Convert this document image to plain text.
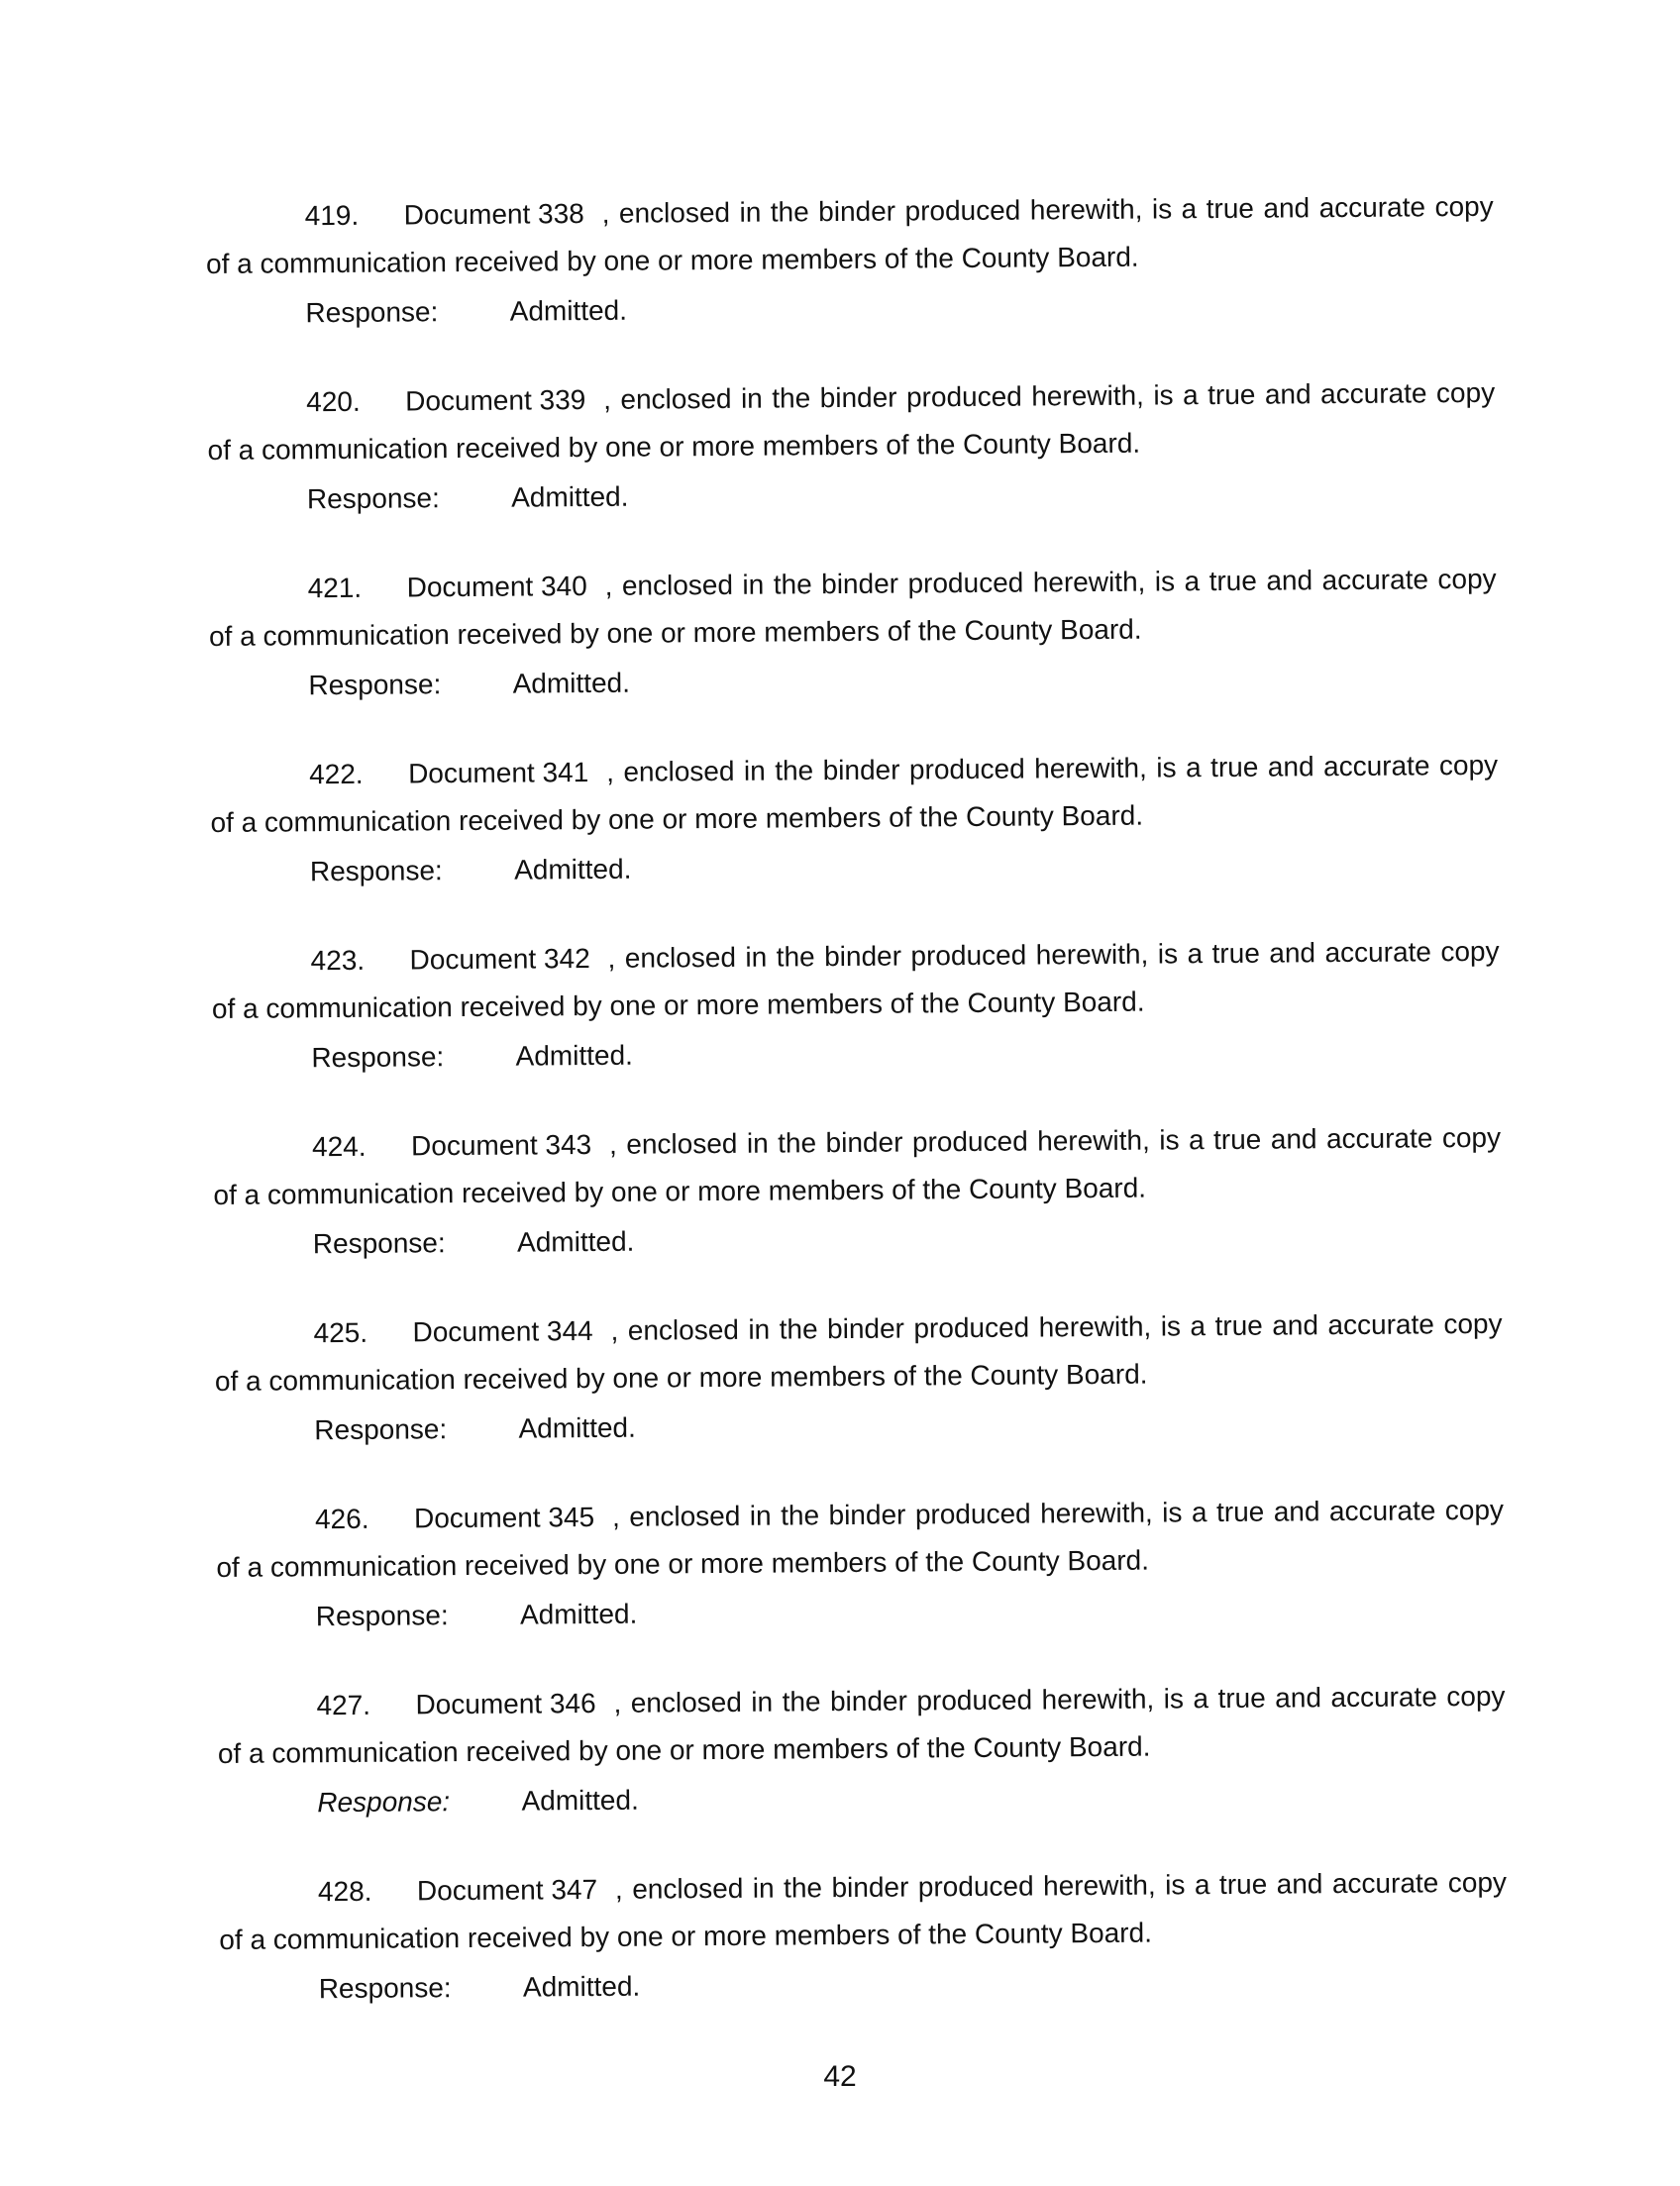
419.	Document 338 , enclosed in the binder produced herewith, is a true and accurate copy
of a communication received by one or more members of the County Board.
Response:	Admitted.
420.	Document 339 , enclosed in the binder produced herewith, is a true and accurate copy
of a communication received by one or more members of the County Board.
Response:	Admitted.
421.	Document 340 , enclosed in the binder produced herewith, is a true and accurate copy
of a communication received by one or more members of the County Board.
Response:	Admitted.
422.	Document 341 , enclosed in the binder produced herewith, is a true and accurate copy
of a communication received by one or more members of the County Board.
Response:	Admitted.
423.	Document 342 , enclosed in the binder produced herewith, is a true and accurate copy
of a communication received by one or more members of the County Board.
Response:	Admitted.
424.	Document 343 , enclosed in the binder produced herewith, is a true and accurate copy
of a communication received by one or more members of the County Board.
Response:	Admitted.
425.	Document 344 , enclosed in the binder produced herewith, is a true and accurate copy
of a communication received by one or more members of the County Board.
Response:	Admitted.
426.	Document 345 , enclosed in the binder produced herewith, is a true and accurate copy
of a communication received by one or more members of the County Board.
Response:	Admitted.
427.	Document 346 , enclosed in the binder produced herewith, is a true and accurate copy
of a communication received by one or more members of the County Board.
Response:	Admitted.
428.	Document 347 , enclosed in the binder produced herewith, is a true and accurate copy
of a communication received by one or more members of the County Board.
Response:	Admitted.
42
